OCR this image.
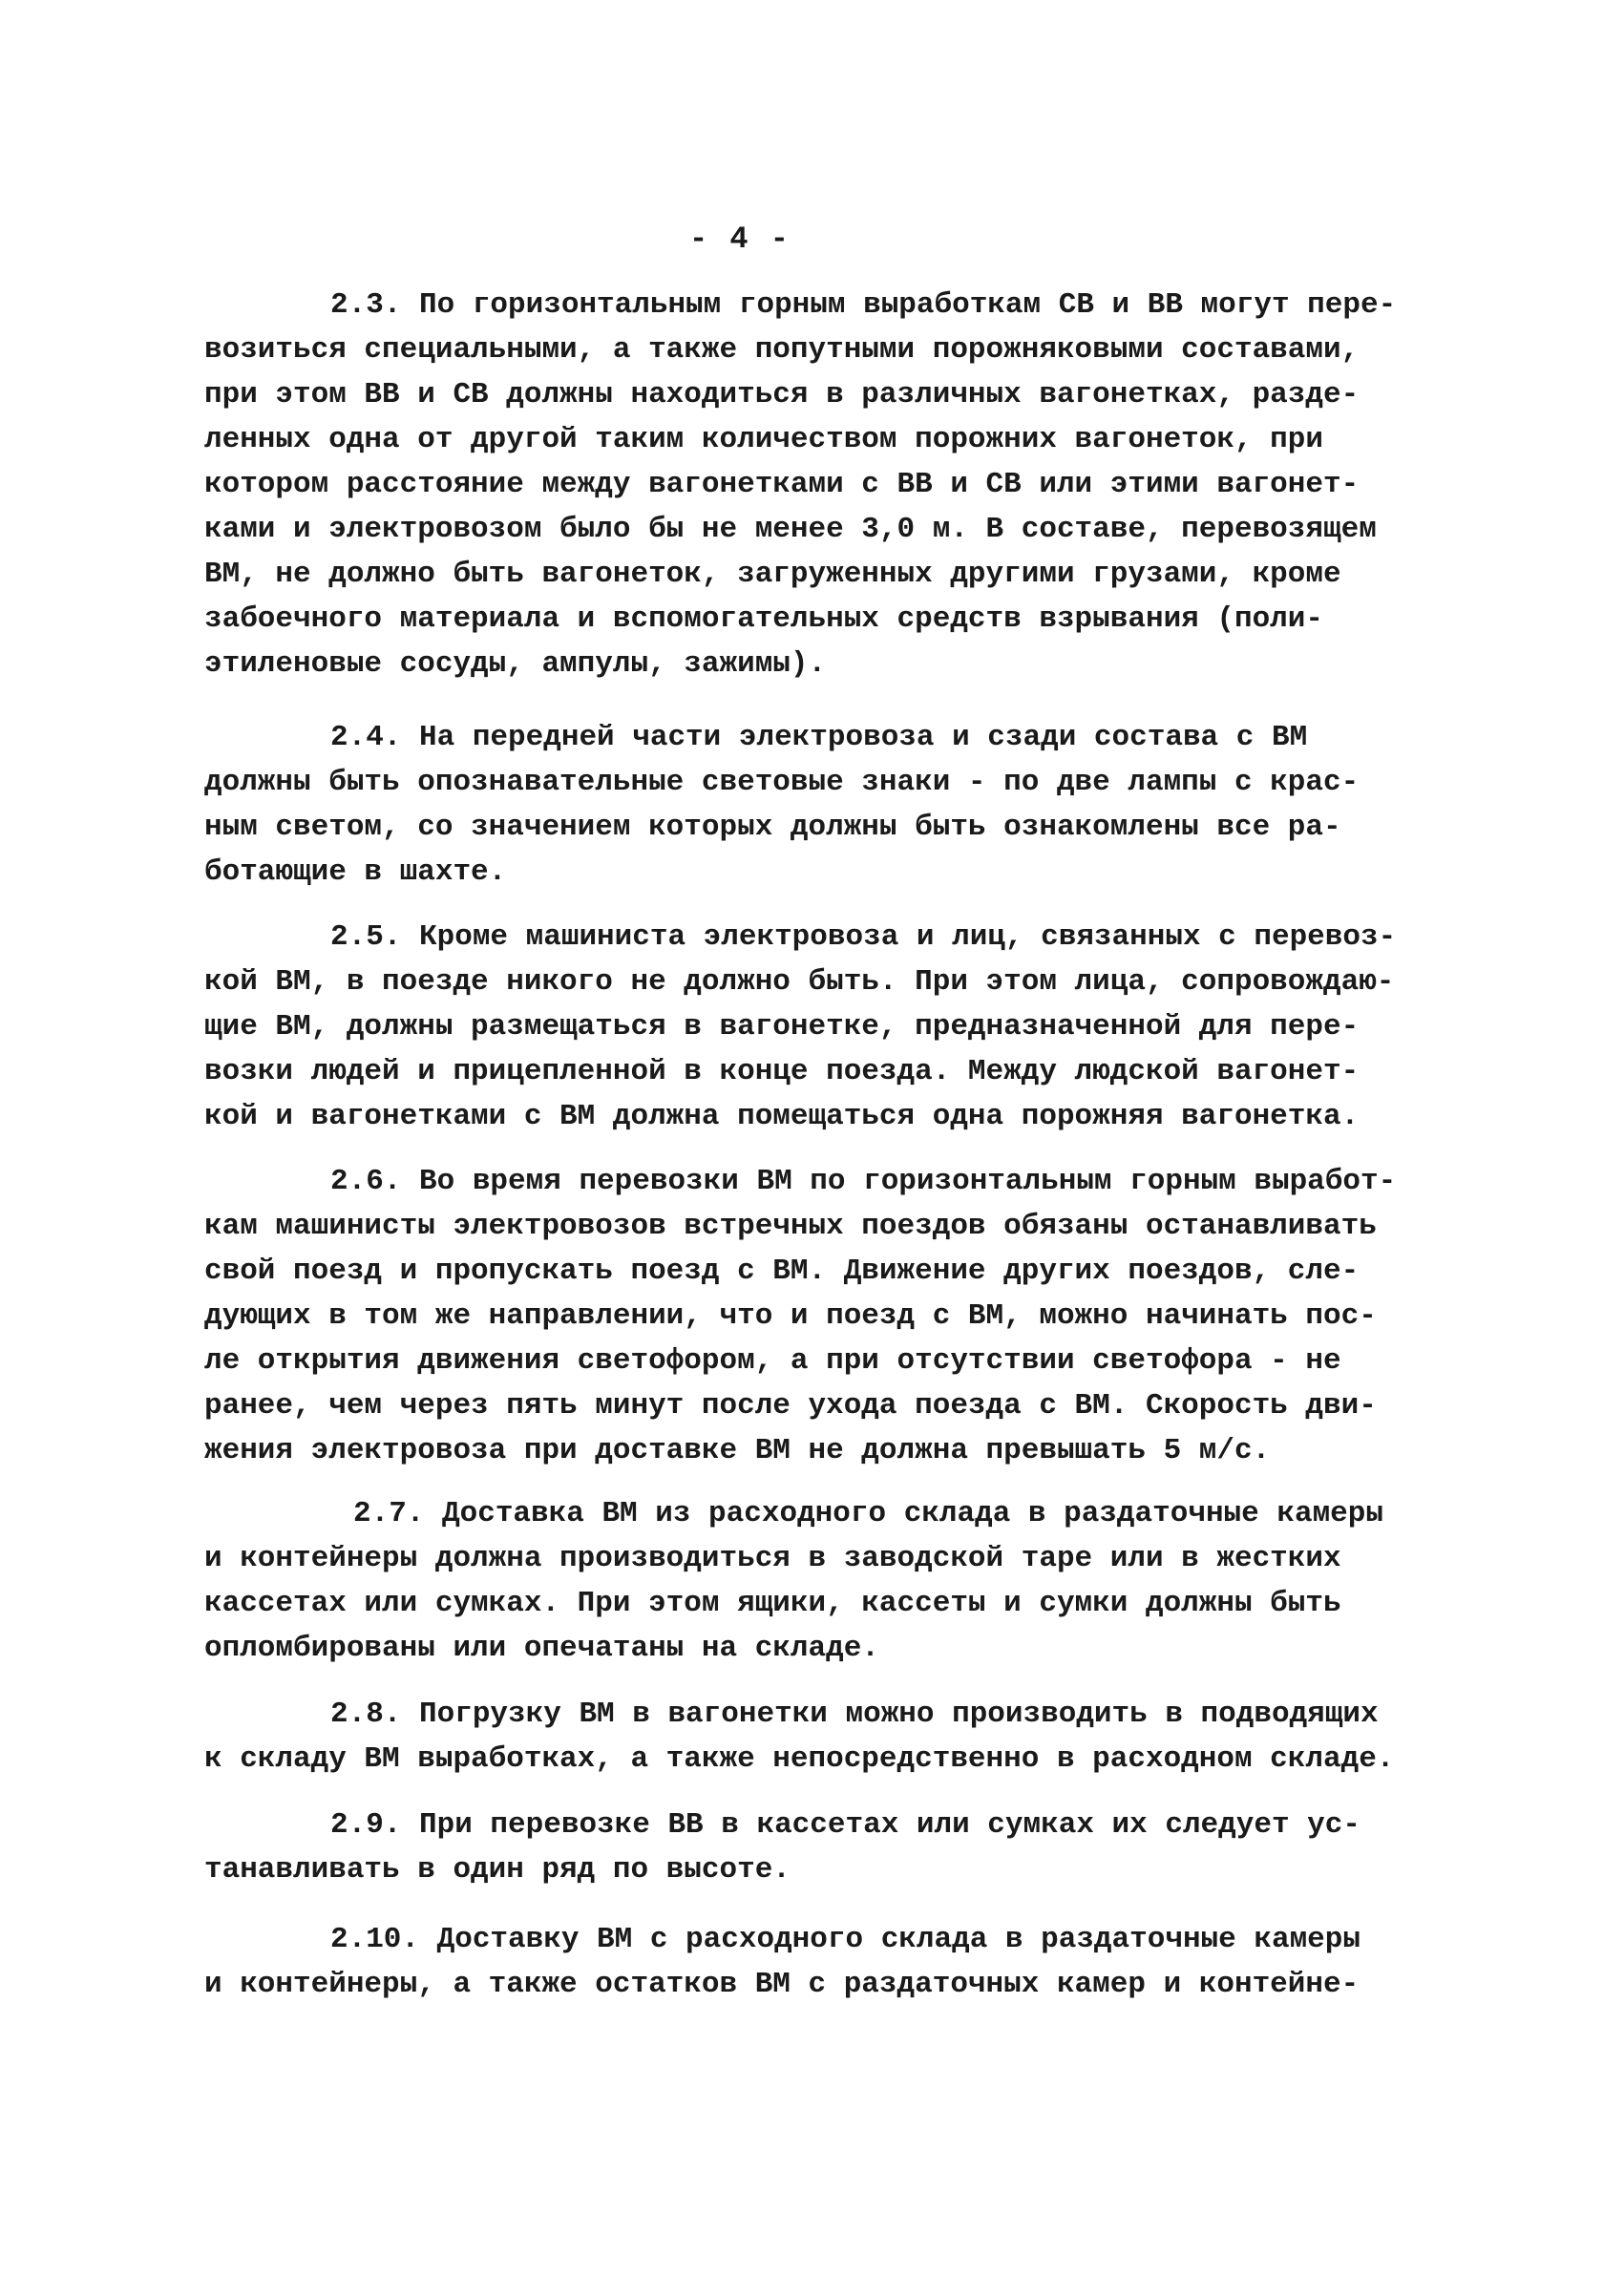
- 4 -
2.3. По горизонтальным горным выработкам СВ и ВВ могут пере-
возиться специальными, а также попутными порожняковыми составами,
при этом ВВ и СВ должны находиться в различных вагонетках, разде-
ленных одна от другой таким количеством порожних вагонеток, при
котором расстояние между вагонетками с ВВ и СВ или этими вагонет-
ками и электровозом было бы не менее 3,0 м. В составе, перевозящем
ВМ, не должно быть вагонеток, загруженных другими грузами, кроме
забоечного материала и вспомогательных средств взрывания (поли-
этиленовые сосуды, ампулы, зажимы).
2.4. На передней части электровоза и сзади состава с ВМ
должны быть опознавательные световые знаки - по две лампы с крас-
ным светом, со значением которых должны быть ознакомлены все ра-
ботающие в шахте.
2.5. Кроме машиниста электровоза и лиц, связанных с перевоз-
кой ВМ, в поезде никого не должно быть. При этом лица, сопровождаю-
щие ВМ, должны размещаться в вагонетке, предназначенной для пере-
возки людей и прицепленной в конце поезда. Между людской вагонет-
кой и вагонетками с ВМ должна помещаться одна порожняя вагонетка.
2.6. Во время перевозки ВМ по горизонтальным горным выработ-
кам машинисты электровозов встречных поездов обязаны останавливать
свой поезд и пропускать поезд с ВМ. Движение других поездов, сле-
дующих в том же направлении, что и поезд с ВМ, можно начинать пос-
ле открытия движения светофором, а при отсутствии светофора - не
ранее, чем через пять минут после ухода поезда с ВМ. Скорость дви-
жения электровоза при доставке ВМ не должна превышать 5 м/с.
2.7. Доставка ВМ из расходного склада в раздаточные камеры
и контейнеры должна производиться в заводской таре или в жестких
кассетах или сумках. При этом ящики, кассеты и сумки должны быть
опломбированы или опечатаны на складе.
2.8. Погрузку ВМ в вагонетки можно производить в подводящих
к складу ВМ выработках, а также непосредственно в расходном складе.
2.9. При перевозке ВВ в кассетах или сумках их следует ус-
танавливать в один ряд по высоте.
2.10. Доставку ВМ с расходного склада в раздаточные камеры
и контейнеры, а также остатков ВМ с раздаточных камер и контейне-
